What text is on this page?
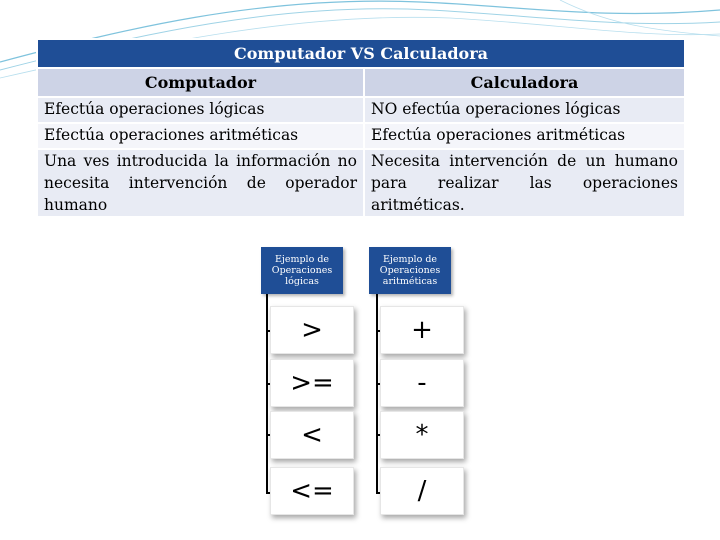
Computador VS Calculadora	
Computador	Calculadora
Efectúa operaciones lógicas	NO efectúa operaciones lógicas
Efectúa operaciones aritméticas	Efectúa operaciones aritméticas
Una ves introducida la información no necesita intervención de operador humano	Necesita intervención de un humano para realizar las operaciones aritméticas.
Ejemplo de Operaciones lógicas
Ejemplo de Operaciones aritméticas
>
>=
<
<=
+
-
*
/
